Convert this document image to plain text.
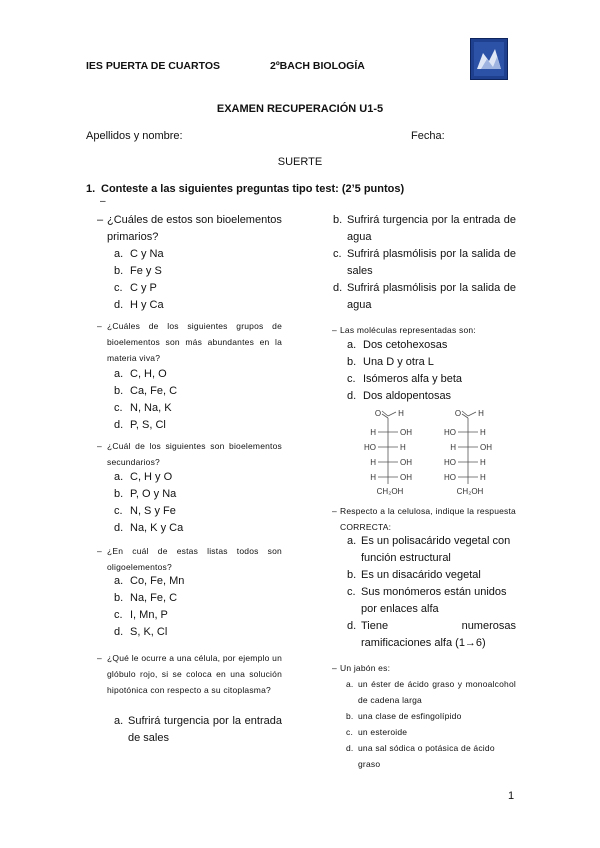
IES PUERTA DE CUARTOS	2ºBACH BIOLOGÍA
EXAMEN RECUPERACIÓN U1-5
Apellidos y nombre:	Fecha:
SUERTE
1. Conteste a las siguientes preguntas tipo test: (2’5 puntos)
–
– ¿Cuáles de estos son bioelementos primarios?
a. C y Na
b. Fe y S
c. C y P
d. H y Ca
– ¿Cuáles de los siguientes grupos de bioelementos son más abundantes en la materia viva?
a. C, H, O
b. Ca, Fe, C
c. N, Na, K
d. P, S, Cl
– ¿Cuál de los siguientes son bioelementos secundarios?
a. C, H y O
b. P, O y Na
c. N, S y Fe
d. Na, K y Ca
– ¿En cuál de estas listas todos son oligoelementos?
a. Co, Fe, Mn
b. Na, Fe, C
c. I, Mn, P
d. S, K, Cl
– ¿Qué le ocurre a una célula, por ejemplo un glóbulo rojo, si se coloca en una solución hipotónica con respecto a su citoplasma?
a. Sufrirá turgencia por la entrada de sales
b. Sufrirá turgencia por la entrada de agua
c. Sufrirá plasmólisis por la salida de sales
d. Sufrirá plasmólisis por la salida de agua
– Las moléculas representadas son:
a. Dos cetohexosas
b. Una D y otra L
c. Isómeros alfa y beta
d. Dos aldopentosas
O H
H	OH
HO	H
H	OH
H	OH
CH₂OH
O H
HO	H
H	OH
HO	H
HO	H
CH₂OH
– Respecto a la celulosa, indique la respuesta CORRECTA:
a. Es un polisacárido vegetal con función estructural
b. Es un disacárido vegetal
c. Sus monómeros están unidos por enlaces alfa
d. Tiene numerosas ramificaciones alfa (1→6)
– Un jabón es:
a. un éster de ácido graso y monoalcohol de cadena larga
b. una clase de esfingolípido
c. un esteroide
d. una sal sódica o potásica de ácido graso
1
